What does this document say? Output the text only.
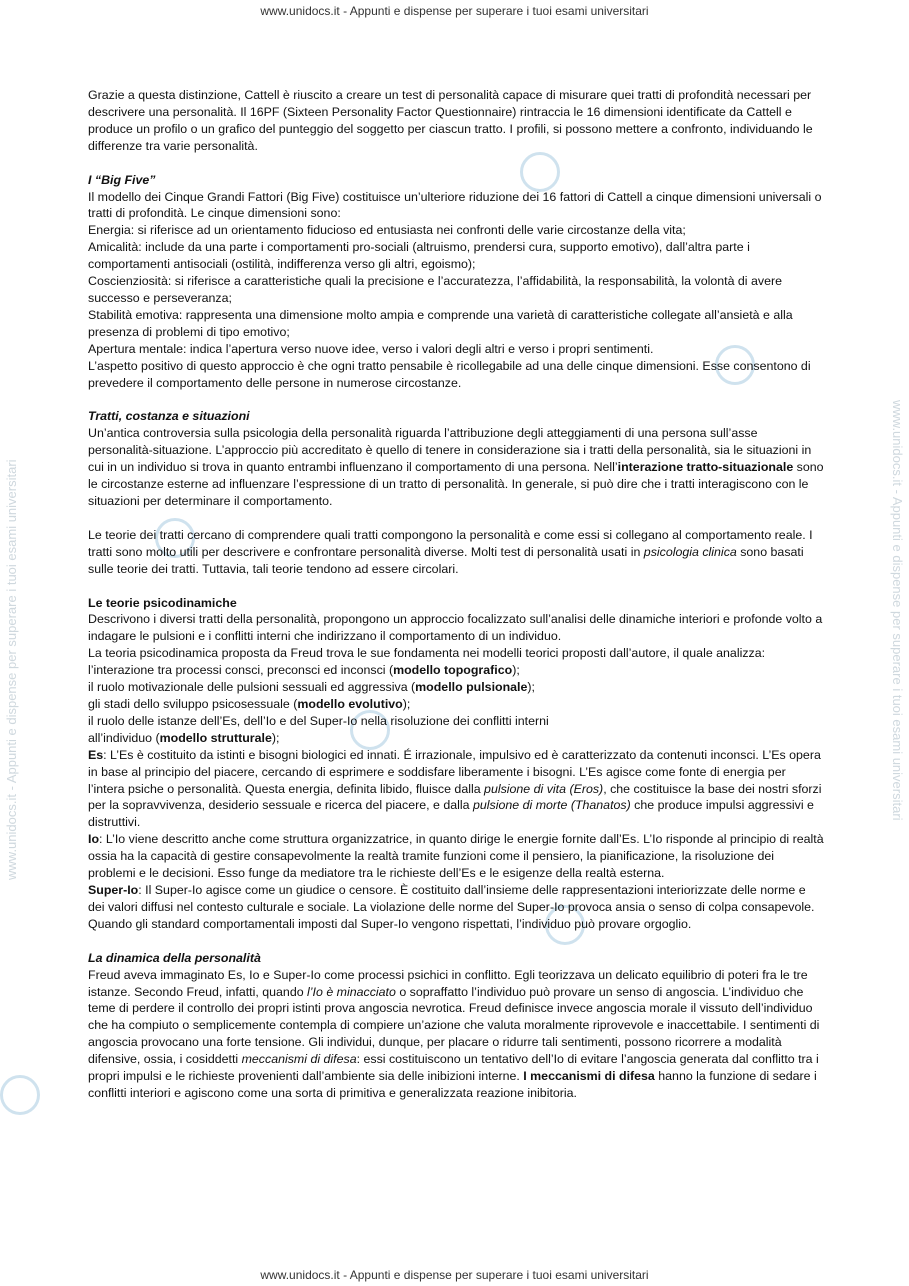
www.unidocs.it - Appunti e dispense per superare i tuoi esami universitari
www.unidocs.it - Appunti e dispense per superare i tuoi esami universitari	www.unidocs.it - Appunti e dispense per superare i tuoi esami universitari

Grazie a questa distinzione, Cattell è riuscito a creare un test di personalità capace di misurare quei tratti di profondità necessari per descrivere una personalità. Il 16PF (Sixteen Personality Factor Questionnaire) rintraccia le 16 dimensioni identificate da Cattell e produce un profilo o un grafico del punteggio del soggetto per ciascun tratto. I profili, si possono mettere a confronto, individuando le differenze tra varie personalità.

I “Big Five”

Il modello dei Cinque Grandi Fattori (Big Five) costituisce un’ulteriore riduzione dei 16 fattori di Cattell a cinque dimensioni universali o tratti di profondità. Le cinque dimensioni sono:

Energia: si riferisce ad un orientamento fiducioso ed entusiasta nei confronti delle varie circostanze della vita;

Amicalità: include da una parte i comportamenti pro-sociali (altruismo, prendersi cura, supporto emotivo), dall’altra parte i comportamenti antisociali (ostilità, indifferenza verso gli altri, egoismo);

Coscienziosità: si riferisce a caratteristiche quali la precisione e l’accuratezza, l’affidabilità, la responsabilità, la volontà di avere successo e perseveranza;

Stabilità emotiva: rappresenta una dimensione molto ampia e comprende una varietà di caratteristiche collegate all’ansietà e alla presenza di problemi di tipo emotivo;

Apertura mentale: indica l’apertura verso nuove idee, verso i valori degli altri e verso i propri sentimenti.

L’aspetto positivo di questo approccio è che ogni tratto pensabile è ricollegabile ad una delle cinque dimensioni. Esse consentono di prevedere il comportamento delle persone in numerose circostanze.

Tratti, costanza e situazioni

Un’antica controversia sulla psicologia della personalità riguarda l’attribuzione degli atteggiamenti di una persona sull’asse personalità-situazione. L’approccio più accreditato è quello di tenere in considerazione sia i tratti della personalità, sia le situazioni in cui in un individuo si trova in quanto entrambi influenzano il comportamento di una persona. Nell’interazione tratto-situazionale sono le circostanze esterne ad influenzare l’espressione di un tratto di personalità. In generale, si può dire che i tratti interagiscono con le situazioni per determinare il comportamento.

Le teorie dei tratti cercano di comprendere quali tratti compongono la personalità e come essi si collegano al comportamento reale. I tratti sono molto utili per descrivere e confrontare personalità diverse. Molti test di personalità usati in psicologia clinica sono basati sulle teorie dei tratti. Tuttavia, tali teorie tendono ad essere circolari.

Le teorie psicodinamiche

Descrivono i diversi tratti della personalità, propongono un approccio focalizzato sull’analisi delle dinamiche interiori e profonde volto a indagare le pulsioni e i conflitti interni che indirizzano il comportamento di un individuo.

La teoria psicodinamica proposta da Freud trova le sue fondamenta nei modelli teorici proposti dall’autore, il quale analizza:

l’interazione tra processi consci, preconsci ed inconsci (modello topografico);

il ruolo motivazionale delle pulsioni sessuali ed aggressiva (modello pulsionale);

gli stadi dello sviluppo psicosessuale (modello evolutivo);

il ruolo delle istanze dell’Es, dell’Io e del Super-Io nella risoluzione dei conflitti interni

all’individuo (modello strutturale);

Es: L’Es è costituito da istinti e bisogni biologici ed innati. É irrazionale, impulsivo ed è caratterizzato da contenuti inconsci. L’Es opera in base al principio del piacere, cercando di esprimere e soddisfare liberamente i bisogni. L’Es agisce come fonte di energia per l’intera psiche o personalità. Questa energia, definita libido, fluisce dalla pulsione di vita (Eros), che costituisce la base dei nostri sforzi per la sopravvivenza, desiderio sessuale e ricerca del piacere, e dalla pulsione di morte (Thanatos) che produce impulsi aggressivi e distruttivi.

Io: L’Io viene descritto anche come struttura organizzatrice, in quanto dirige le energie fornite dall’Es. L’Io risponde al principio di realtà ossia ha la capacità di gestire consapevolmente la realtà tramite funzioni come il pensiero, la pianificazione, la risoluzione dei problemi e le decisioni. Esso funge da mediatore tra le richieste dell’Es e le esigenze della realtà esterna.

Super-Io: Il Super-Io agisce come un giudice o censore. È costituito dall’insieme delle rappresentazioni interiorizzate delle norme e dei valori diffusi nel contesto culturale e sociale. La violazione delle norme del Super-Io provoca ansia o senso di colpa consapevole. Quando gli standard comportamentali imposti dal Super-Io vengono rispettati, l’individuo può provare orgoglio.

La dinamica della personalità

Freud aveva immaginato Es, Io e Super-Io come processi psichici in conflitto. Egli teorizzava un delicato equilibrio di poteri fra le tre istanze. Secondo Freud, infatti, quando l’Io è minacciato o sopraffatto l’individuo può provare un senso di angoscia. L’individuo che teme di perdere il controllo dei propri istinti prova angoscia nevrotica. Freud definisce invece angoscia morale il vissuto dell’individuo che ha compiuto o semplicemente contempla di compiere un’azione che valuta moralmente riprovevole e inaccettabile. I sentimenti di angoscia provocano una forte tensione. Gli individui, dunque, per placare o ridurre tali sentimenti, possono ricorrere a modalità difensive, ossia, i cosiddetti meccanismi di difesa: essi costituiscono un tentativo dell’Io di evitare l’angoscia generata dal conflitto tra i propri impulsi e le richieste provenienti dall’ambiente sia delle inibizioni interne. I meccanismi di difesa hanno la funzione di sedare i conflitti interiori e agiscono come una sorta di primitiva e generalizzata reazione inibitoria.

www.unidocs.it - Appunti e dispense per superare i tuoi esami universitari
